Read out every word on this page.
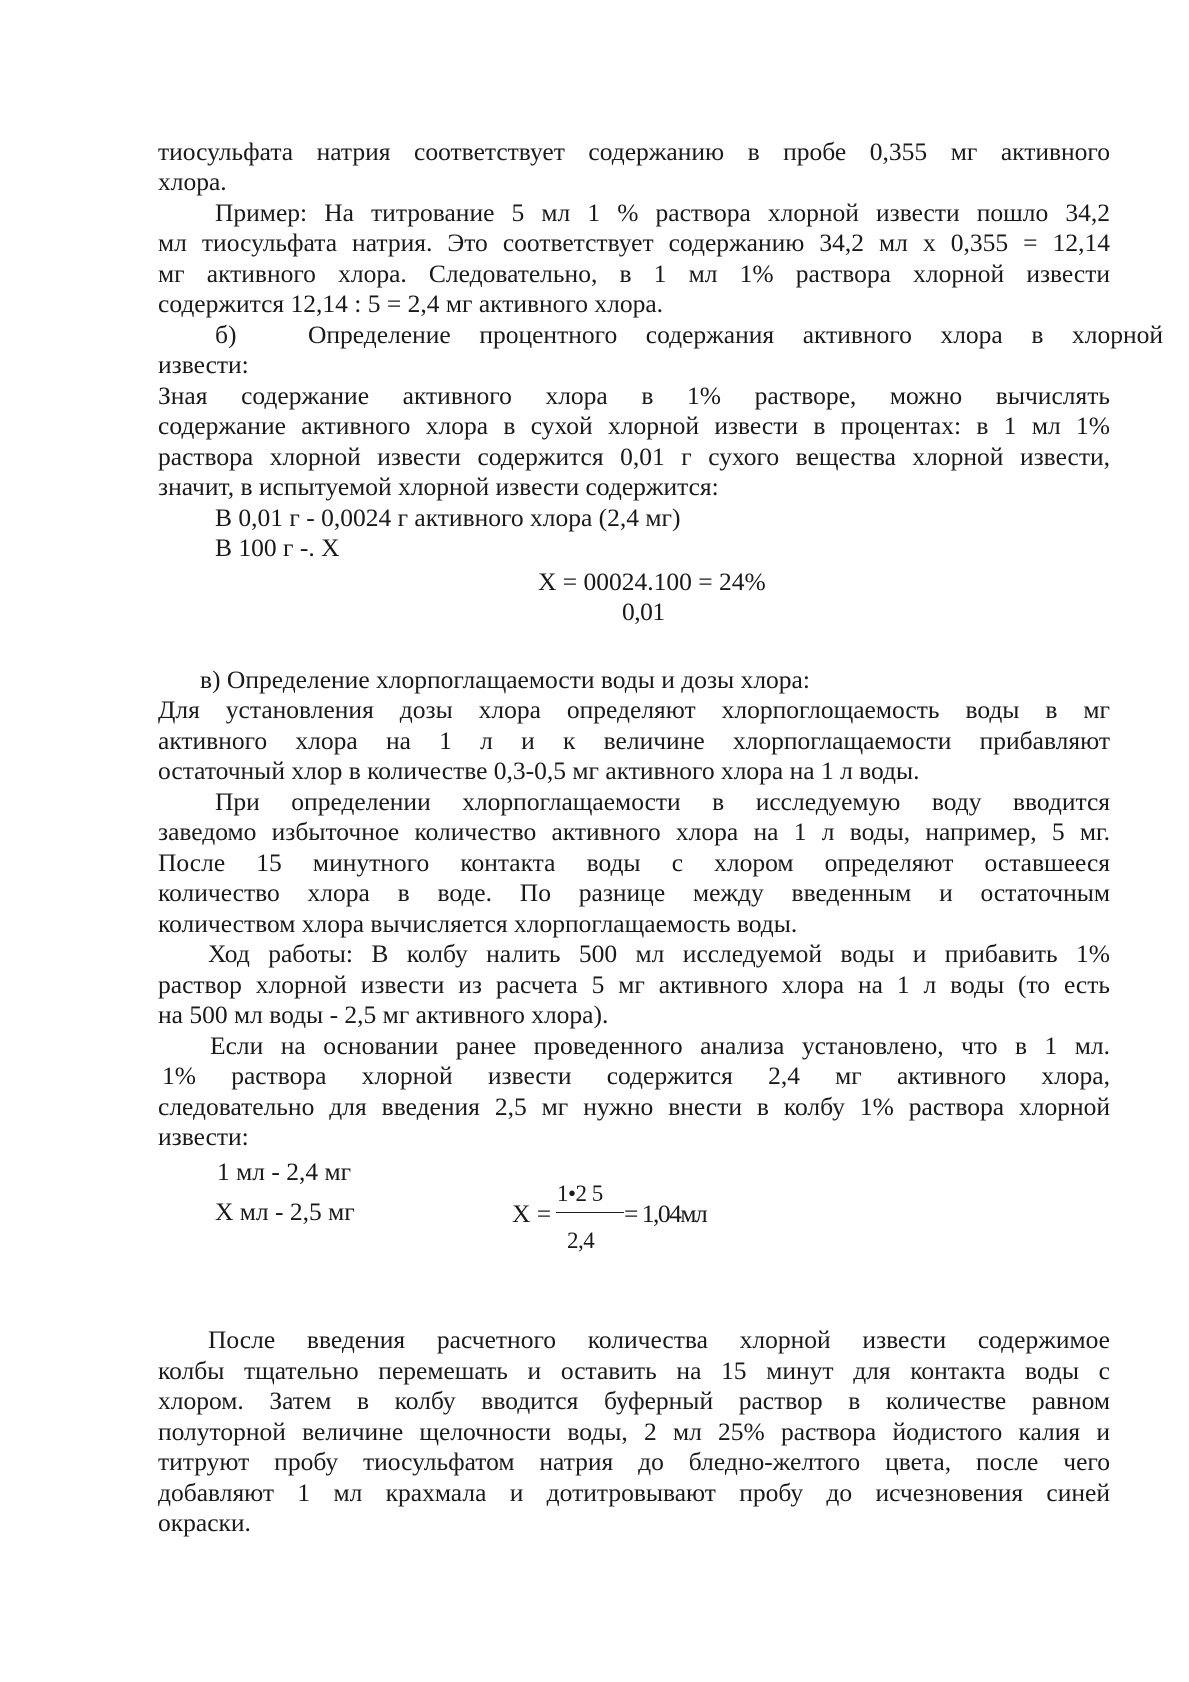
тиосульфата натрия соответствует содержанию в пробе 0,355 мг активного
хлора.
Пример: На титрование 5 мл 1 % раствора хлорной извести пошло 34,2
мл тиосульфата натрия. Это соответствует содержанию 34,2 мл х 0,355 = 12,14
мг активного хлора. Следовательно, в 1 мл 1% раствора хлорной извести
содержится 12,14 : 5 = 2,4 мг активного хлора.
б)	Определение процентного содержания активного хлора в хлорной
извести:
Зная содержание активного хлора в 1% растворе, можно вычислять
содержание активного хлора в сухой хлорной извести в процентах: в 1 мл 1%
раствора хлорной извести содержится 0,01 г сухого вещества хлорной извести,
значит, в испытуемой хлорной извести содержится:
В 0,01 г - 0,0024 г активного хлора (2,4 мг)
В 100 г -. X
X = 00024.100 = 24%
0,01
в) Определение хлорпоглащаемости воды и дозы хлора:
Для установления дозы хлора определяют хлорпоглощаемость воды в мг
активного хлора на 1 л и к величине хлорпоглащаемости прибавляют
остаточный хлор в количестве 0,3-0,5 мг активного хлора на 1 л воды.
При определении хлорпоглащаемости в исследуемую воду вводится
заведомо избыточное количество активного хлора на 1 л воды, например, 5 мг.
После 15 минутного контакта воды с хлором определяют оставшееся
количество хлора в воде. По разнице между введенным и остаточным
количеством хлора вычисляется хлорпоглащаемость воды.
Ход работы: В колбу налить 500 мл исследуемой воды и прибавить 1%
раствор хлорной извести из расчета 5 мг активного хлора на 1 л воды (то есть
на 500 мл воды - 2,5 мг активного хлора).
Если на основании ранее проведенного анализа установлено, что в 1 мл.
1% раствора хлорной извести содержится 2,4 мг активного хлора,
следовательно для введения 2,5 мг нужно внести в колбу 1% раствора хлорной
извести:
1 мл - 2,4 мг
X мл - 2,5 мг	X =
1•2 5
= 1,04мл
2,4
После введения расчетного количества хлорной извести содержимое
колбы тщательно перемешать и оставить на 15 минут для контакта воды с
хлором. Затем в колбу вводится буферный раствор в количестве равном
полуторной величине щелочности воды, 2 мл 25% раствора йодистого калия и
титруют пробу тиосульфатом натрия до бледно-желтого цвета, после чего
добавляют 1 мл крахмала и дотитровывают пробу до исчезновения синей
окраски.
